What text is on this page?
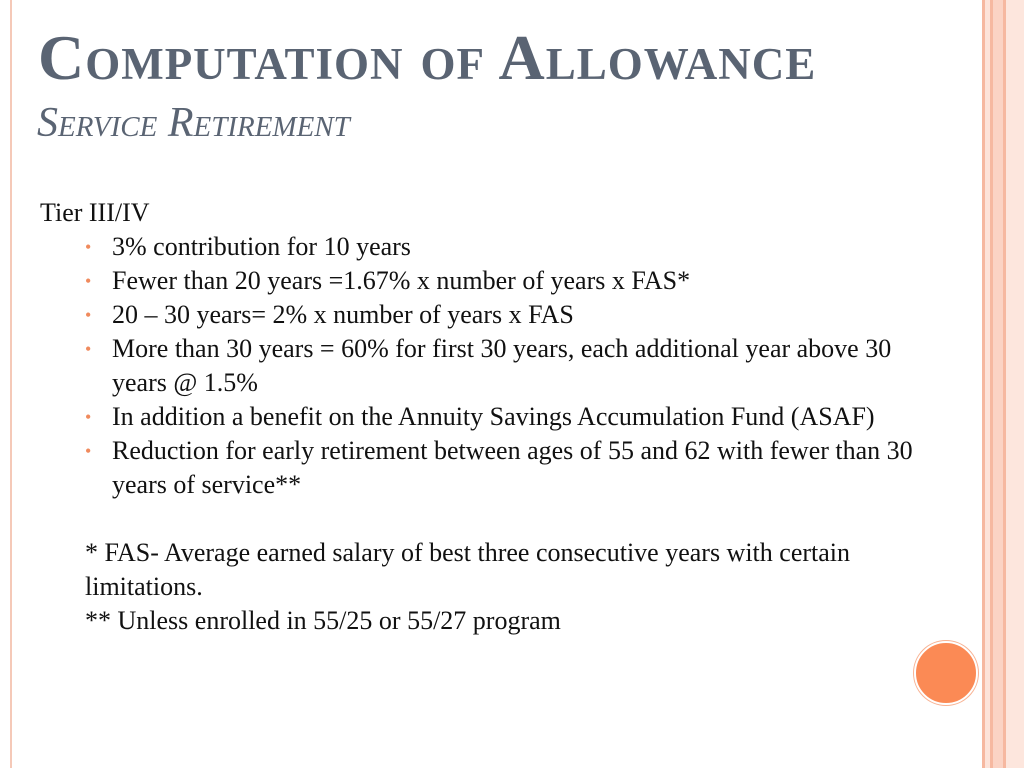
Computation of Allowance
Service Retirement

Tier III/IV

• 3% contribution for 10 years
• Fewer than 20 years =1.67% x number of years x FAS*
• 20 – 30 years= 2% x number of years x FAS
• More than 30 years = 60% for first 30 years, each additional year above 30 years @ 1.5%
• In addition a benefit on the Annuity Savings Accumulation Fund (ASAF)
• Reduction for early retirement between ages of 55 and 62 with fewer than 30 years of service**

* FAS- Average earned salary of best three consecutive years with certain limitations.

** Unless enrolled in 55/25 or 55/27 program
